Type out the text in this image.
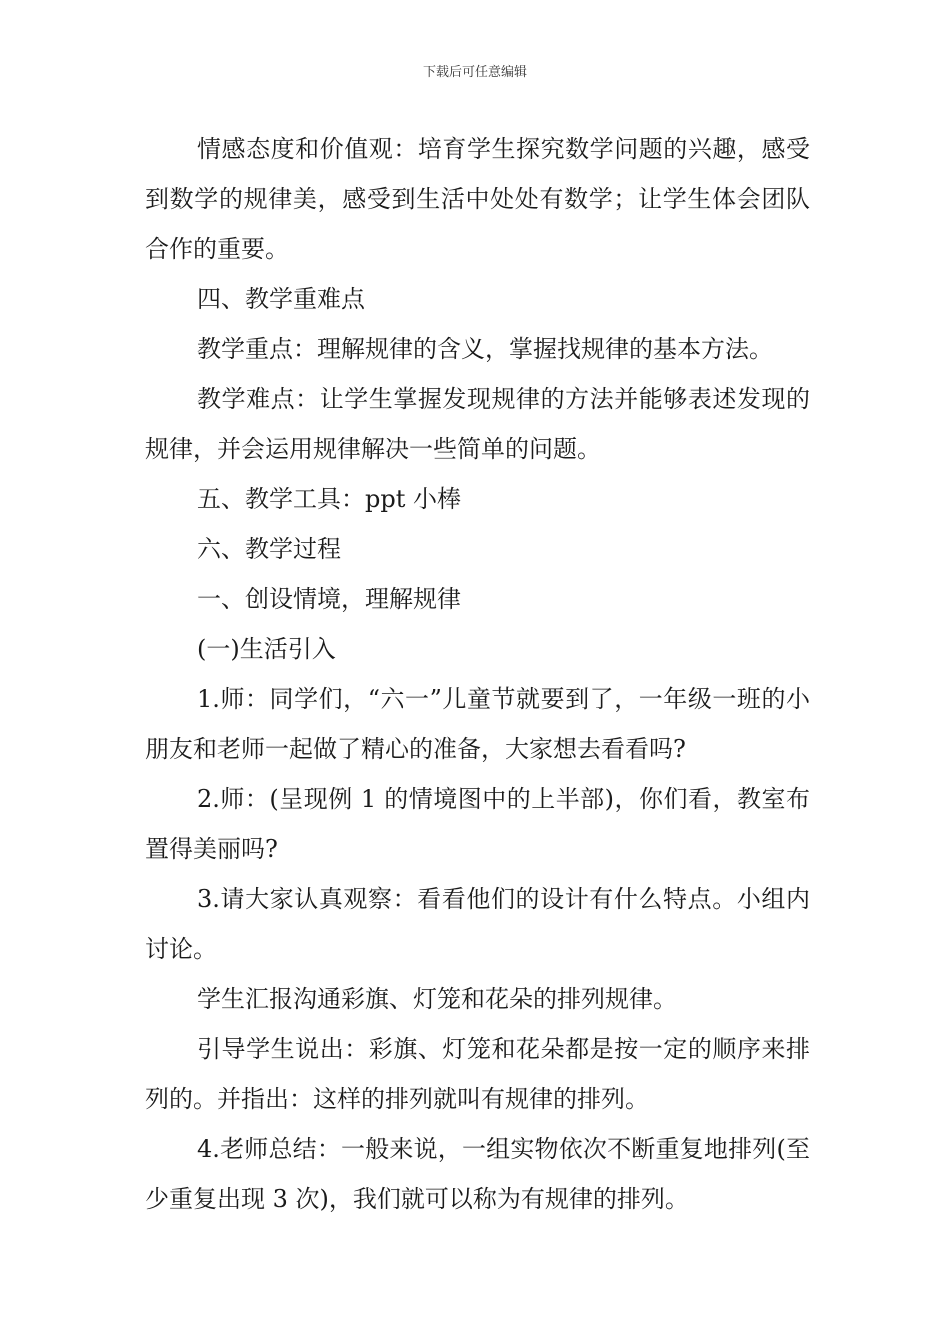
下载后可任意编辑

情感态度和价值观：培育学生探究数学问题的兴趣，感受到数学的规律美，感受到生活中处处有数学；让学生体会团队合作的重要。

四、教学重难点

教学重点：理解规律的含义，掌握找规律的基本方法。

教学难点：让学生掌握发现规律的方法并能够表述发现的规律，并会运用规律解决一些简单的问题。

五、教学工具：ppt 小棒

六、教学过程

一、创设情境，理解规律

(一)生活引入

1.师：同学们，“六一”儿童节就要到了，一年级一班的小朋友和老师一起做了精心的准备，大家想去看看吗?

2.师：(呈现例 1 的情境图中的上半部)，你们看，教室布置得美丽吗?

3.请大家认真观察：看看他们的设计有什么特点。小组内讨论。

学生汇报沟通彩旗、灯笼和花朵的排列规律。

引导学生说出：彩旗、灯笼和花朵都是按一定的顺序来排列的。并指出：这样的排列就叫有规律的排列。

4.老师总结：一般来说，一组实物依次不断重复地排列(至少重复出现 3 次)，我们就可以称为有规律的排列。
